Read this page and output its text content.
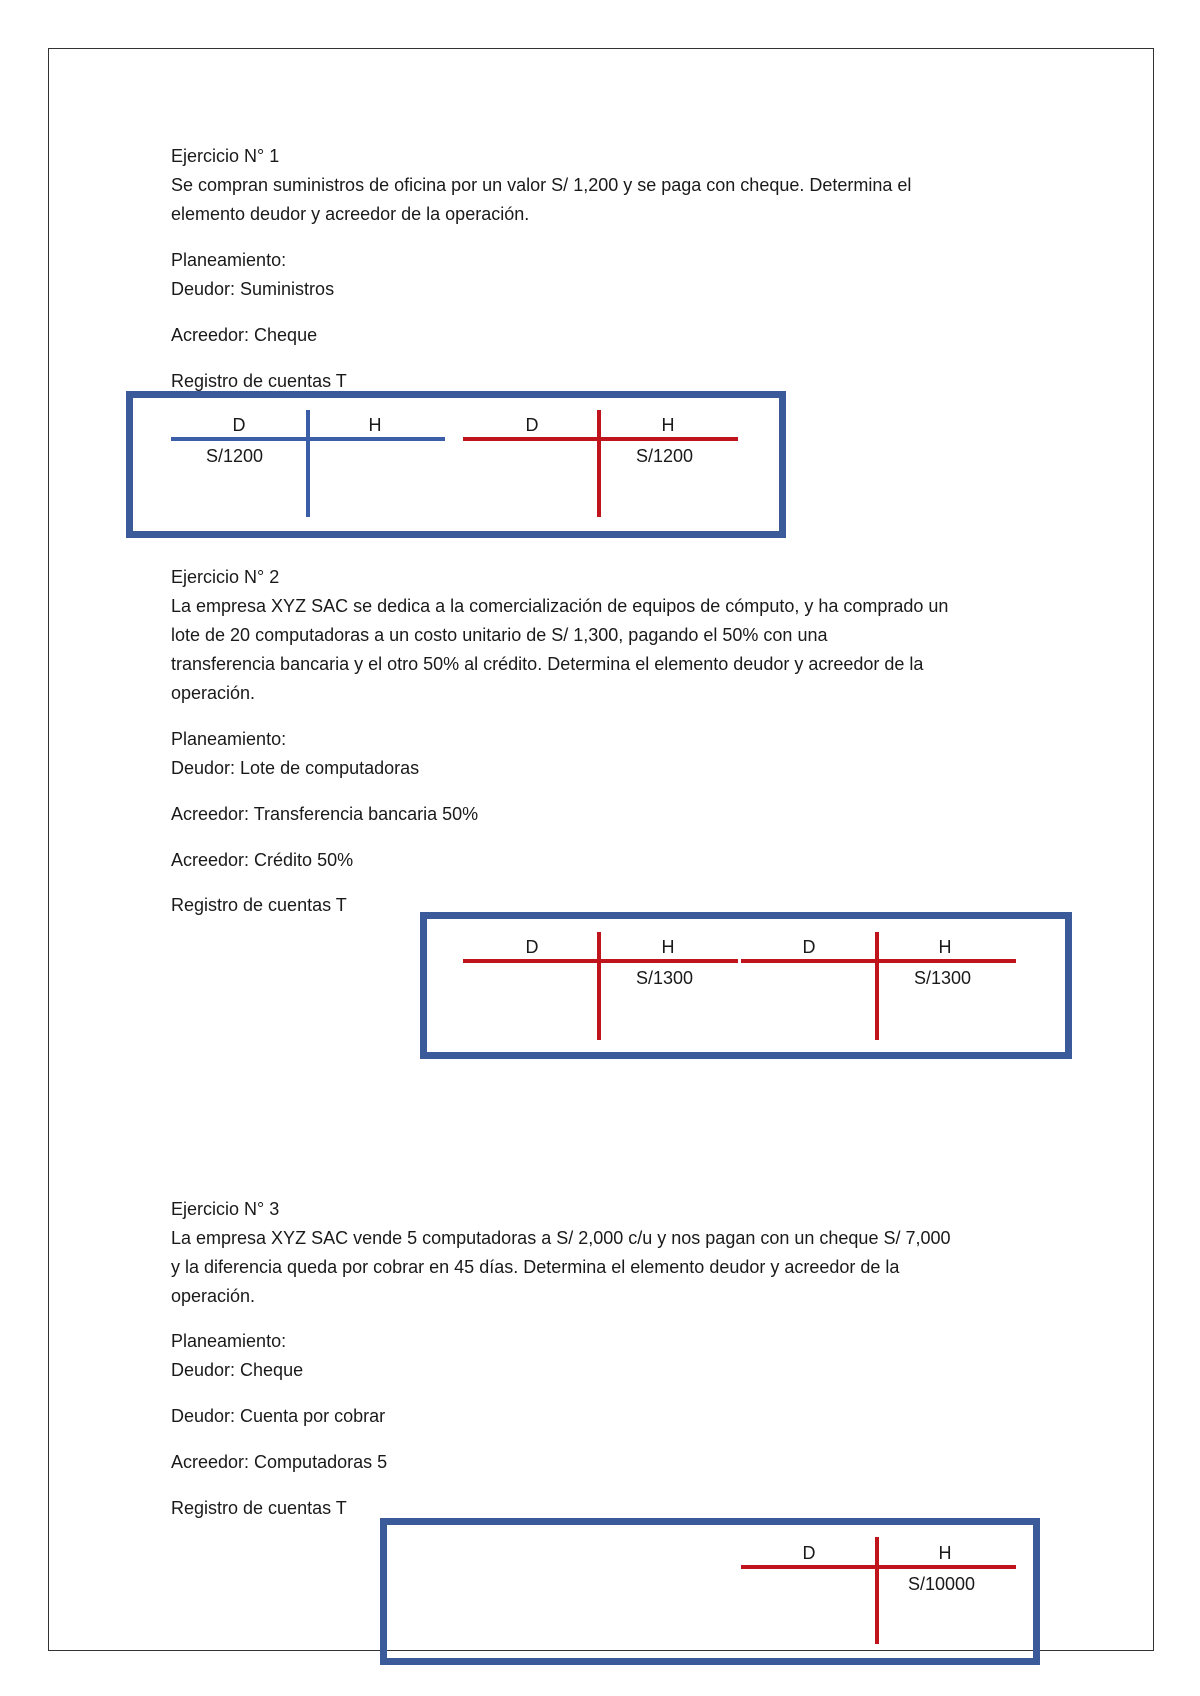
Ejercicio N° 1
Se compran suministros de oficina por un valor S/ 1,200 y se paga con cheque. Determina el
elemento deudor y acreedor de la operación.
Planeamiento:
Deudor: Suministros
Acreedor: Cheque
Registro de cuentas T
D	H
S/1200
D	H
S/1200
Ejercicio N° 2
La empresa XYZ SAC se dedica a la comercialización de equipos de cómputo, y ha comprado un
lote de 20 computadoras a un costo unitario de S/ 1,300, pagando el 50% con una
transferencia bancaria y el otro 50% al crédito. Determina el elemento deudor y acreedor de la
operación.
Planeamiento:
Deudor: Lote de computadoras
Acreedor: Transferencia bancaria 50%
Acreedor: Crédito 50%
Registro de cuentas T
D	H
S/1300
D	H
S/1300
Ejercicio N° 3
La empresa XYZ SAC vende 5 computadoras a S/ 2,000 c/u y nos pagan con un cheque S/ 7,000
y la diferencia queda por cobrar en 45 días. Determina el elemento deudor y acreedor de la
operación.
Planeamiento:
Deudor: Cheque
Deudor: Cuenta por cobrar
Acreedor: Computadoras 5
Registro de cuentas T
D	H
S/10000
